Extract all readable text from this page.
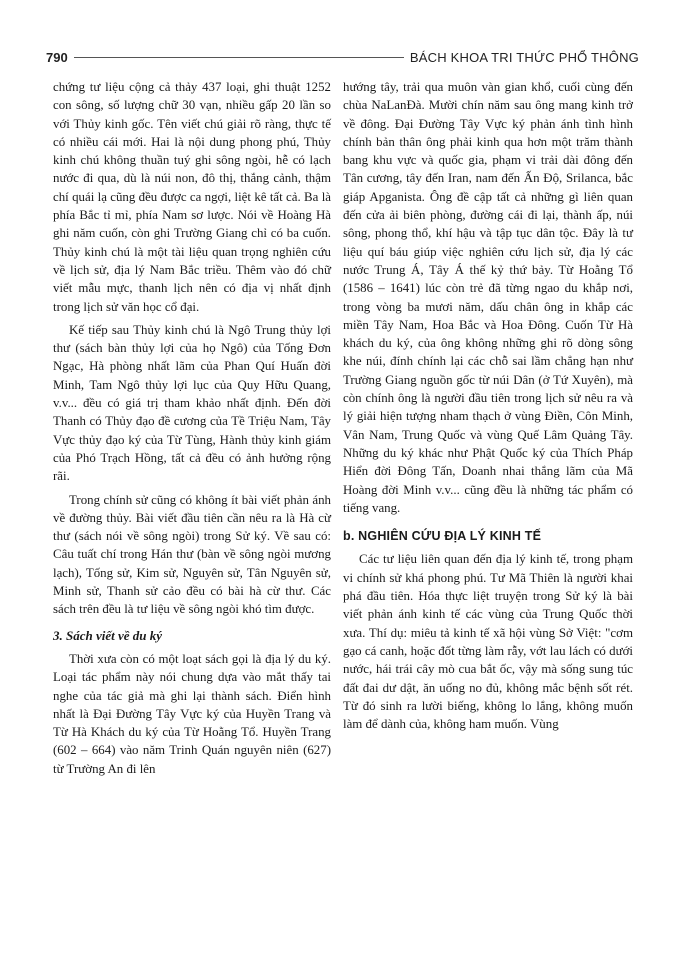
790	BÁCH KHOA TRI THỨC PHỔ THÔNG

chứng tư liệu cộng cả thảy 437 loại, ghi thuật 1252 con sông, số lượng chữ 30 vạn, nhiều gấp 20 lần so với Thủy kinh gốc. Tên viết chú giải rõ ràng, thực tế có nhiều cái mới. Hai là nội dung phong phú, Thủy kinh chú không thuần tuý ghi sông ngòi, hễ có lạch nước đi qua, dù là núi non, đô thị, thắng cảnh, thậm chí quái lạ cũng đều được ca ngợi, liệt kê tất cả. Ba là phía Bắc tỉ mỉ, phía Nam sơ lược. Nói về Hoàng Hà ghi năm cuốn, còn ghi Trường Giang chỉ có ba cuốn. Thủy kinh chú là một tài liệu quan trọng nghiên cứu về lịch sử, địa lý Nam Bắc triều. Thêm vào đó chữ viết mẫu mực, thanh lịch nên có địa vị nhất định trong lịch sử văn học cổ đại.

Kế tiếp sau Thủy kinh chú là Ngô Trung thủy lợi thư (sách bàn thủy lợi của họ Ngô) của Tống Đơn Ngạc, Hà phòng nhất lãm của Phan Quí Huấn đời Minh, Tam Ngô thủy lợi lục của Quy Hữu Quang, v.v... đều có giá trị tham khảo nhất định. Đến đời Thanh có Thủy đạo đề cương của Tề Triệu Nam, Tây Vực thủy đạo ký của Từ Tùng, Hành thủy kinh giám của Phó Trạch Hồng, tất cả đều có ảnh hưởng rộng rãi.

Trong chính sử cũng có không ít bài viết phản ánh về đường thủy. Bài viết đầu tiên cần nêu ra là Hà cừ thư (sách nói về sông ngòi) trong Sử ký. Về sau có: Câu tuất chí trong Hán thư (bàn về sông ngòi mương lạch), Tống sử, Kim sử, Nguyên sử, Tân Nguyên sử, Minh sử, Thanh sử cảo đều có bài hà cừ thư. Các sách trên đều là tư liệu về sông ngòi khó tìm được.

3. Sách viết về du ký

Thời xưa còn có một loạt sách gọi là địa lý du ký. Loại tác phẩm này nói chung dựa vào mắt thấy tai nghe của tác giả mà ghi lại thành sách. Điển hình nhất là Đại Đường Tây Vực ký của Huyền Trang và Từ Hà Khách du ký của Từ Hoằng Tổ. Huyền Trang (602 – 664) vào năm Trinh Quán nguyên niên (627) từ Trường An đi lên

hướng tây, trải qua muôn vàn gian khổ, cuối cùng đến chùa NaLanĐà. Mười chín năm sau ông mang kinh trở về đông. Đại Đường Tây Vực ký phản ánh tình hình chính bản thân ông phải kinh qua hơn một trăm thành bang khu vực và quốc gia, phạm vi trải dài đông đến Tân cương, tây đến Iran, nam đến Ấn Độ, Srilanca, bắc giáp Apganista. Ông đề cập tất cả những gì liên quan đến cửa ải biên phòng, đường cái đi lại, thành ấp, núi sông, phong thổ, khí hậu và tập tục dân tộc. Đây là tư liệu quí báu giúp việc nghiên cứu lịch sử, địa lý các nước Trung Á, Tây Á thế kỷ thứ bảy. Từ Hoằng Tổ (1586 – 1641) lúc còn trẻ đã từng ngao du khắp nơi, trong vòng ba mươi năm, dấu chân ông in khắp các miền Tây Nam, Hoa Bắc và Hoa Đông. Cuốn Từ Hà khách du ký, của ông không những ghi rõ dòng sông khe núi, đính chính lại các chỗ sai lầm chẳng hạn như Trường Giang nguồn gốc từ núi Dân (ở Tứ Xuyên), mà còn chính ông là người đầu tiên trong lịch sử nêu ra và lý giải hiện tượng nham thạch ở vùng Điền, Côn Minh, Vân Nam, Trung Quốc và vùng Quế Lâm Quảng Tây. Những du ký khác như Phật Quốc ký của Thích Pháp Hiển đời Đông Tấn, Doanh nhai thắng lãm của Mã Hoàng đời Minh v.v... cũng đều là những tác phẩm có tiếng vang.

b. NGHIÊN CỨU ĐỊA LÝ KINH TẾ

Các tư liệu liên quan đến địa lý kinh tế, trong phạm vi chính sử khá phong phú. Tư Mã Thiên là người khai phá đầu tiên. Hóa thực liệt truyện trong Sử ký là bài viết phản ánh kinh tế các vùng của Trung Quốc thời xưa. Thí dụ: miêu tả kinh tế xã hội vùng Sở Việt: "cơm gạo cá canh, hoặc đốt từng làm rẫy, vớt lau lách có dưới nước, hái trái cây mò cua bắt ốc, vậy mà sống sung túc đất đai dư dật, ăn uống no đủ, không mắc bệnh sốt rét. Từ đó sinh ra lười biếng, không lo lắng, không muốn làm để dành của, không ham muốn. Vùng
